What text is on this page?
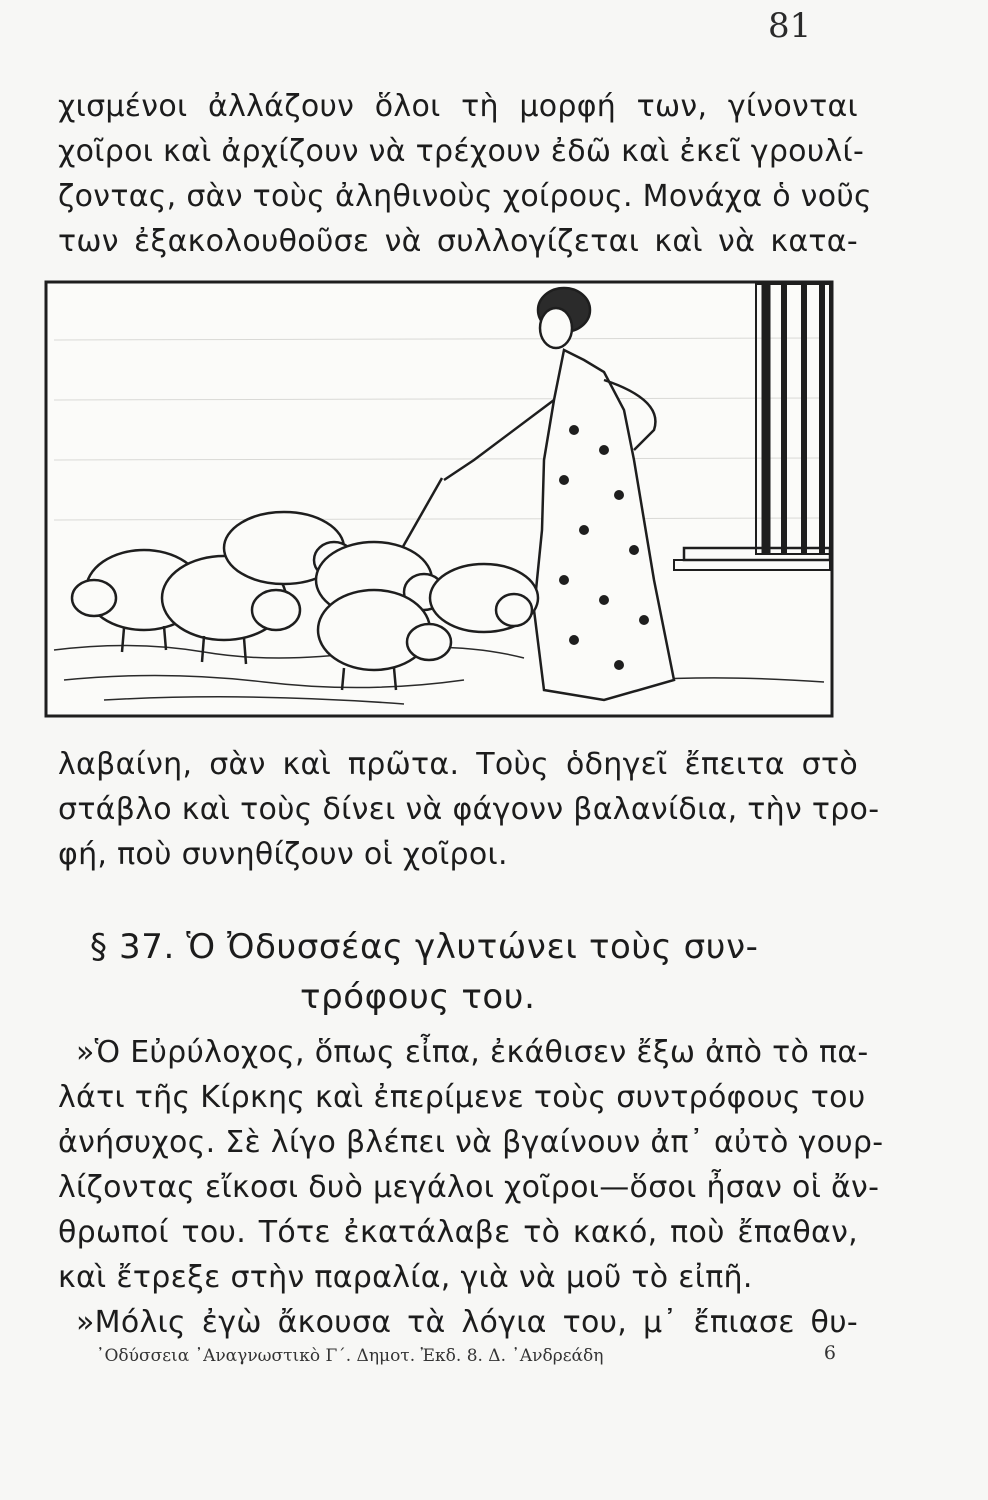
81
χισμένοι ἀλλάζουν ὅλοι τὴ μορφή των, γίνονται
χοῖροι καὶ ἀρχίζουν νὰ τρέχουν ἐδῶ καὶ ἐκεῖ γρουλί-
ζοντας, σὰν τοὺς ἀληθινοὺς χοίρους. Μονάχα ὁ νοῦς
των ἐξακολουθοῦσε νὰ συλλογίζεται καὶ νὰ κατα-
λαβαίνη, σὰν καὶ πρῶτα. Τοὺς ὁδηγεῖ ἔπειτα στὸ
στάβλο καὶ τοὺς δίνει νὰ φάγονν βαλανίδια, τὴν τρο-
φή, ποὺ συνηθίζουν οἱ χοῖροι.
§ 37. Ὁ Ὀδυσσέας γλυτώνει τοὺς συν-
τρόφους του.
»Ὁ Εὐρύλοχος, ὅπως εἶπα, ἐκάθισεν ἔξω ἀπὸ τὸ πα-
λάτι τῆς Κίρκης καὶ ἐπερίμενε τοὺς συντρόφους του
ἀνήσυχος. Σὲ λίγο βλέπει νὰ βγαίνουν ἀπ᾿ αὐτὸ γουρ-
λίζοντας εἴκοσι δυὸ μεγάλοι χοῖροι—ὅσοι ἦσαν οἱ ἄν-
θρωποί του. Τότε ἐκατάλαβε τὸ κακό, ποὺ ἔπαθαν,
καὶ ἔτρεξε στὴν παραλία, γιὰ νὰ μοῦ τὸ εἰπῆ.
»Μόλις ἐγὼ ἄκουσα τὰ λόγια του, μ᾿ ἔπιασε θυ-
᾿Οδύσσεια ᾿Αναγνωστικὸ Γ΄. Δημοτ. Ἐκδ. 8. Δ. ᾿Ανδρεάδη	6
